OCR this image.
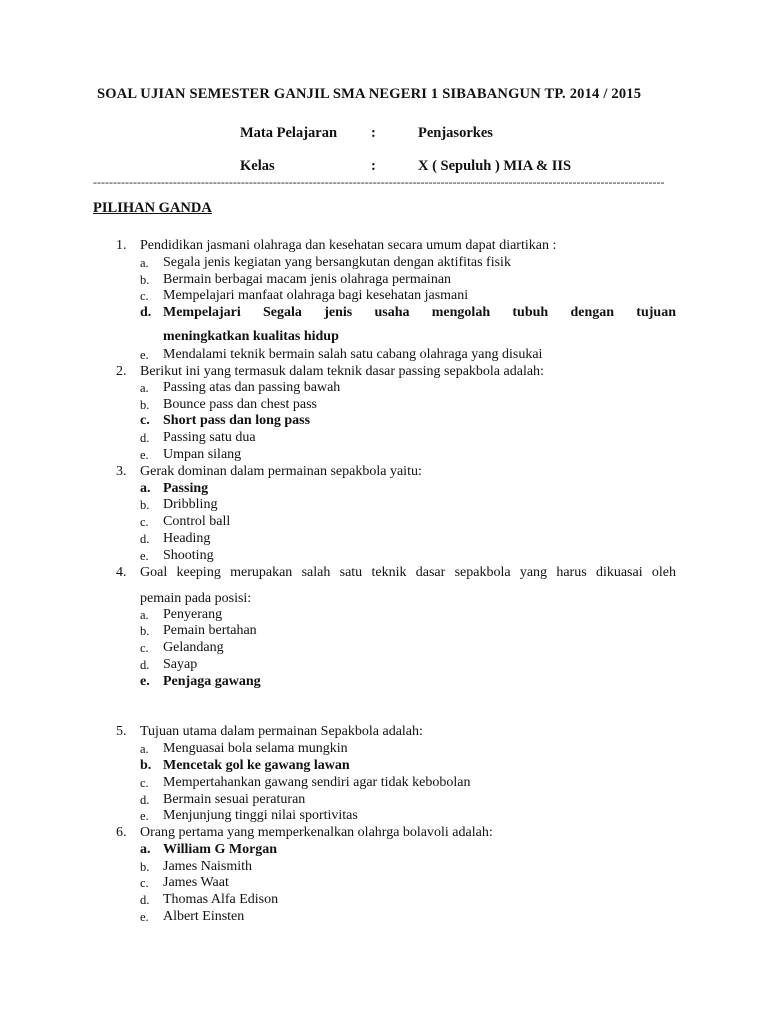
SOAL UJIAN SEMESTER GANJIL SMA NEGERI 1 SIBABANGUN TP. 2014 / 2015
Mata Pelajaran :	Penjasorkes
Kelas	:	X ( Sepuluh ) MIA & IIS
-----------------------------------------------------------------------------------------------------------------------------------------------
PILIHAN GANDA
1. Pendidikan jasmani olahraga dan kesehatan secara umum dapat diartikan :
a. Segala jenis kegiatan yang bersangkutan dengan aktifitas fisik
b. Bermain berbagai macam jenis olahraga permainan
c. Mempelajari manfaat olahraga bagi kesehatan jasmani
d. Mempelajari Segala jenis usaha mengolah tubuh dengan tujuan
meningkatkan kualitas hidup
e. Mendalami teknik bermain salah satu cabang olahraga yang disukai
2. Berikut ini yang termasuk dalam teknik dasar passing sepakbola adalah:
a. Passing atas dan passing bawah
b. Bounce pass dan chest pass
c. Short pass dan long pass
d. Passing satu dua
e. Umpan silang
3. Gerak dominan dalam permainan sepakbola yaitu:
a. Passing
b. Dribbling
c. Control ball
d. Heading
e. Shooting
4. Goal keeping merupakan salah satu teknik dasar sepakbola yang harus dikuasai oleh
pemain pada posisi:
a. Penyerang
b. Pemain bertahan
c. Gelandang
d. Sayap
e. Penjaga gawang
5. Tujuan utama dalam permainan Sepakbola adalah:
a. Menguasai bola selama mungkin
b. Mencetak gol ke gawang lawan
c. Mempertahankan gawang sendiri agar tidak kebobolan
d. Bermain sesuai peraturan
e. Menjunjung tinggi nilai sportivitas
6. Orang pertama yang memperkenalkan olahrga bolavoli adalah:
a. William G Morgan
b. James Naismith
c. James Waat
d. Thomas Alfa Edison
e. Albert Einsten
